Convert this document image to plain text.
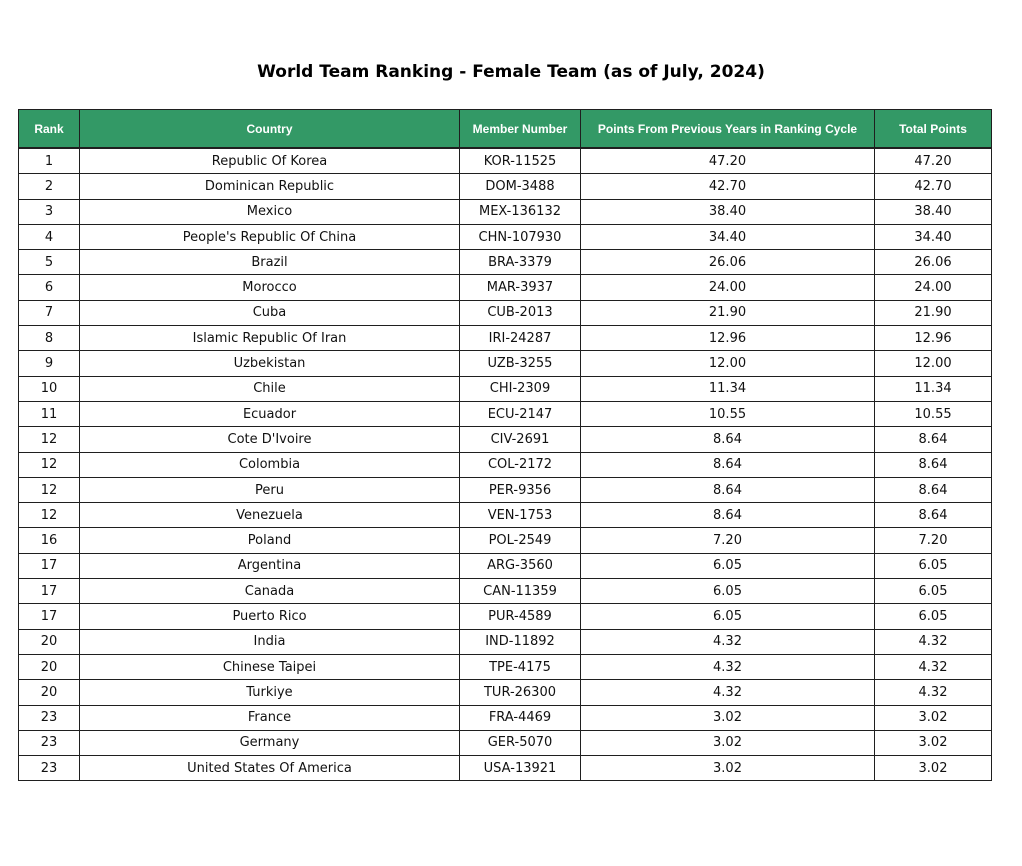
World Team Ranking - Female Team (as of July, 2024)
Rank	Country	Member Number	Points From Previous Years in Ranking Cycle	Total Points
1	Republic Of Korea	KOR-11525	47.20	47.20
2	Dominican Republic	DOM-3488	42.70	42.70
3	Mexico	MEX-136132	38.40	38.40
4	People's Republic Of China	CHN-107930	34.40	34.40
5	Brazil	BRA-3379	26.06	26.06
6	Morocco	MAR-3937	24.00	24.00
7	Cuba	CUB-2013	21.90	21.90
8	Islamic Republic Of Iran	IRI-24287	12.96	12.96
9	Uzbekistan	UZB-3255	12.00	12.00
10	Chile	CHI-2309	11.34	11.34
11	Ecuador	ECU-2147	10.55	10.55
12	Cote D'Ivoire	CIV-2691	8.64	8.64
12	Colombia	COL-2172	8.64	8.64
12	Peru	PER-9356	8.64	8.64
12	Venezuela	VEN-1753	8.64	8.64
16	Poland	POL-2549	7.20	7.20
17	Argentina	ARG-3560	6.05	6.05
17	Canada	CAN-11359	6.05	6.05
17	Puerto Rico	PUR-4589	6.05	6.05
20	India	IND-11892	4.32	4.32
20	Chinese Taipei	TPE-4175	4.32	4.32
20	Turkiye	TUR-26300	4.32	4.32
23	France	FRA-4469	3.02	3.02
23	Germany	GER-5070	3.02	3.02
23	United States Of America	USA-13921	3.02	3.02
